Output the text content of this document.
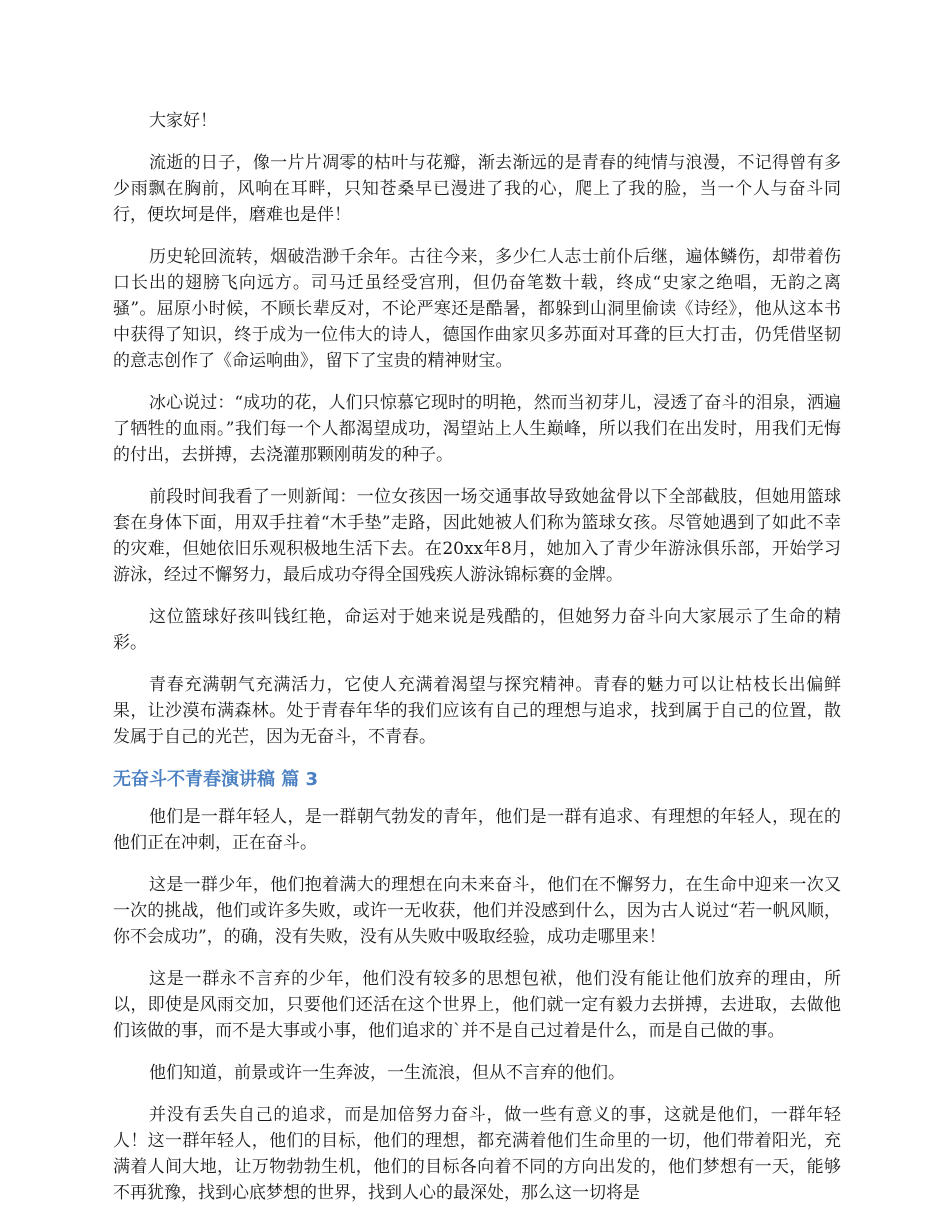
大家好！

流逝的日子，像一片片凋零的枯叶与花瓣，渐去渐远的是青春的纯情与浪漫，不记得曾有多少雨飘在胸前，风响在耳畔，只知苍桑早已漫进了我的心，爬上了我的脸，当一个人与奋斗同行，便坎坷是伴，磨难也是伴！

历史轮回流转，烟破浩渺千余年。古往今来，多少仁人志士前仆后继，遍体鳞伤，却带着伤口长出的翅膀飞向远方。司马迁虽经受宫刑，但仍奋笔数十载，终成“史家之绝唱，无韵之离骚”。屈原小时候，不顾长辈反对，不论严寒还是酷暑，都躲到山洞里偷读《诗经》，他从这本书中获得了知识，终于成为一位伟大的诗人，德国作曲家贝多苏面对耳聋的巨大打击，仍凭借坚韧的意志创作了《命运响曲》，留下了宝贵的精神财宝。

冰心说过：“成功的花，人们只惊慕它现时的明艳，然而当初芽儿，浸透了奋斗的泪泉，洒遍了牺牲的血雨。”我们每一个人都渴望成功，渴望站上人生巅峰，所以我们在出发时，用我们无悔的付出，去拼搏，去浇灌那颗刚萌发的种子。

前段时间我看了一则新闻：一位女孩因一场交通事故导致她盆骨以下全部截肢，但她用篮球套在身体下面，用双手拄着“木手垫”走路，因此她被人们称为篮球女孩。尽管她遇到了如此不幸的灾难，但她依旧乐观积极地生活下去。在20xx年8月，她加入了青少年游泳俱乐部，开始学习游泳，经过不懈努力，最后成功夺得全国残疾人游泳锦标赛的金牌。

这位篮球好孩叫钱红艳，命运对于她来说是残酷的，但她努力奋斗向大家展示了生命的精彩。

青春充满朝气充满活力，它使人充满着渴望与探究精神。青春的魅力可以让枯枝长出偏鲜果，让沙漠布满森林。处于青春年华的我们应该有自己的理想与追求，找到属于自己的位置，散发属于自己的光芒，因为无奋斗，不青春。

无奋斗不青春演讲稿 篇 3

他们是一群年轻人，是一群朝气勃发的青年，他们是一群有追求、有理想的年轻人，现在的他们正在冲刺，正在奋斗。

这是一群少年，他们抱着满大的理想在向未来奋斗，他们在不懈努力，在生命中迎来一次又一次的挑战，他们或许多失败，或许一无收获，他们并没感到什么，因为古人说过“若一帆风顺，你不会成功”，的确，没有失败，没有从失败中吸取经验，成功走哪里来！

这是一群永不言弃的少年，他们没有较多的思想包袱，他们没有能让他们放弃的理由，所以，即使是风雨交加，只要他们还活在这个世界上，他们就一定有毅力去拼搏，去进取，去做他们该做的事，而不是大事或小事，他们追求的`并不是自己过着是什么，而是自己做的事。

他们知道，前景或许一生奔波，一生流浪，但从不言弃的他们。

并没有丢失自己的追求，而是加倍努力奋斗，做一些有意义的事，这就是他们，一群年轻人！这一群年轻人，他们的目标，他们的理想，都充满着他们生命里的一切，他们带着阳光，充满着人间大地，让万物勃勃生机，他们的目标各向着不同的方向出发的，他们梦想有一天，能够不再犹豫，找到心底梦想的世界，找到人心的最深处，那么这一切将是
